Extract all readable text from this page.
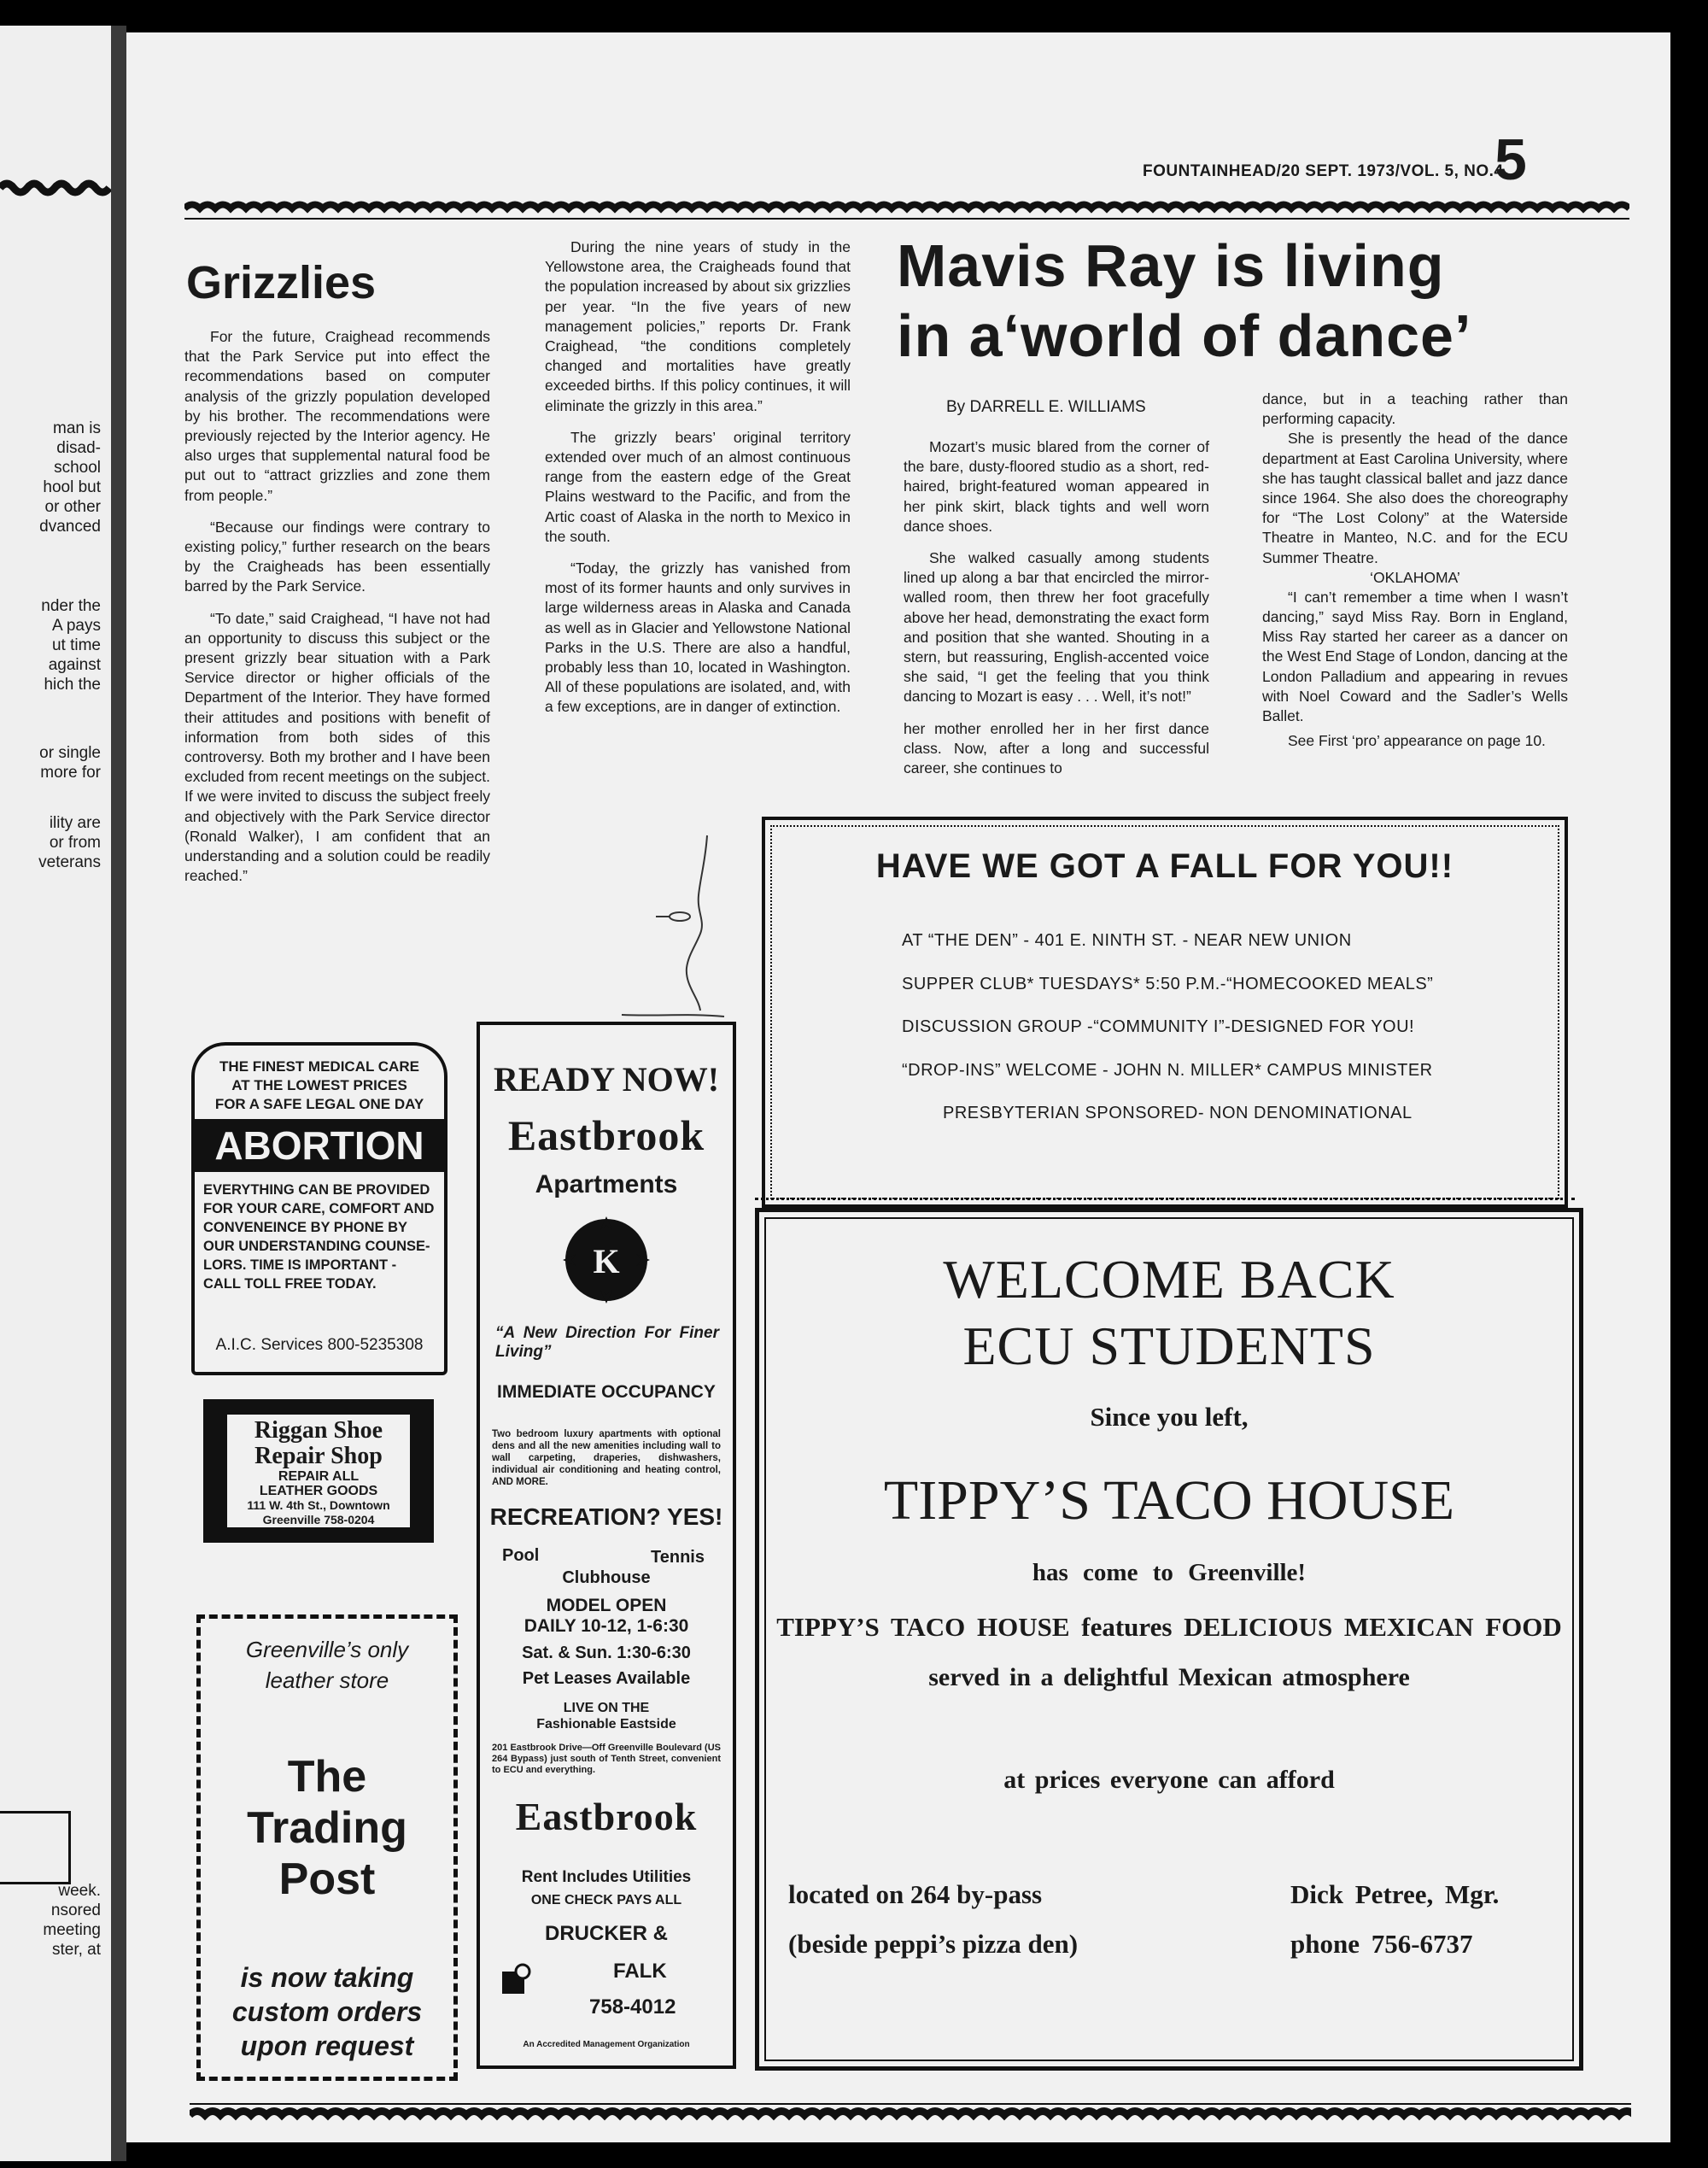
man is
disad-
school
hool but
or other
dvanced
nder the
A pays
ut time
against
hich the
or single
more for
ility are
or from
veterans
week.
nsored
meeting
ster, at
FOUNTAINHEAD/20 SEPT. 1973/VOL. 5, NO.4
5
Grizzlies

For the future, Craighead recommends that the Park Service put into effect the recommendations based on computer analysis of the grizzly population developed by his brother. The recommendations were previously rejected by the Interior agency. He also urges that supplemental natural food be put out to “attract grizzlies and zone them from people.”

“Because our findings were contrary to existing policy,” further research on the bears by the Craigheads has been essentially barred by the Park Service.

“To date,” said Craighead, “I have not had an opportunity to discuss this subject or the present grizzly bear situation with a Park Service director or higher officials of the Department of the Interior. They have formed their attitudes and positions with benefit of information from both sides of this controversy. Both my brother and I have been excluded from recent meetings on the subject. If we were invited to discuss the subject freely and objectively with the Park Service director (Ronald Walker), I am confident that an understanding and a solution could be readily reached.”

During the nine years of study in the Yellowstone area, the Craigheads found that the population increased by about six grizzlies per year. “In the five years of new management policies,” reports Dr. Frank Craighead, “the conditions completely changed and mortalities have greatly exceeded births. If this policy continues, it will eliminate the grizzly in this area.”

The grizzly bears’ original territory extended over much of an almost continuous range from the eastern edge of the Great Plains westward to the Pacific, and from the Artic coast of Alaska in the north to Mexico in the south.

“Today, the grizzly has vanished from most of its former haunts and only survives in large wilderness areas in Alaska and Canada as well as in Glacier and Yellowstone National Parks in the U.S. There are also a handful, probably less than 10, located in Washington. All of these populations are isolated, and, with a few exceptions, are in danger of extinction.

Mavis Ray is living
in a‘world of dance’
By DARRELL E. WILLIAMS

Mozart’s music blared from the corner of the bare, dusty-floored studio as a short, red-haired, bright-featured woman appeared in her pink skirt, black tights and well worn dance shoes.

She walked casually among students lined up along a bar that encircled the mirror-walled room, then threw her foot gracefully above her head, demonstrating the exact form and position that she wanted. Shouting in a stern, but reassuring, English-accented voice she said, “I get the feeling that you think dancing to Mozart is easy . . . Well, it’s not!”

her mother enrolled her in her first dance class. Now, after a long and successful career, she continues to

dance, but in a teaching rather than performing capacity.

She is presently the head of the dance department at East Carolina University, where she has taught classical ballet and jazz dance since 1964. She also does the choreography for “The Lost Colony” at the Waterside Theatre in Manteo, N.C. and for the ECU Summer Theatre.

‘OKLAHOMA’

“I can’t remember a time when I wasn’t dancing,” sayd Miss Ray. Born in England, Miss Ray started her career as a dancer on the West End Stage of London, dancing at the London Palladium and appearing in revues with Noel Coward and the Sadler’s Wells Ballet.

See First ‘pro’ appearance on page 10.

HAVE WE GOT A FALL FOR YOU!!
AT “THE DEN” - 401 E. NINTH ST. - NEAR NEW UNION
SUPPER CLUB* TUESDAYS* 5:50 P.M.-“HOMECOOKED MEALS”
DISCUSSION GROUP -“COMMUNITY I”-DESIGNED FOR YOU!
“DROP-INS” WELCOME - JOHN N. MILLER* CAMPUS MINISTER
PRESBYTERIAN SPONSORED- NON DENOMINATIONAL
THE FINEST MEDICAL CARE
AT THE LOWEST PRICES
FOR A SAFE LEGAL ONE DAY
ABORTION
EVERYTHING CAN BE PROVIDED
FOR YOUR CARE, COMFORT AND
CONVENEINCE BY PHONE BY
OUR UNDERSTANDING COUNSE-
LORS. TIME IS IMPORTANT -
CALL TOLL FREE TODAY.
A.I.C. Services 800-5235308
Riggan Shoe
Repair Shop
REPAIR ALL
LEATHER GOODS
111 W. 4th St., Downtown
Greenville 758-0204
Greenville’s only
leather store
The
Trading
Post
is now taking
custom orders
upon request
READY NOW!
Eastbrook
Apartments
K
“A New Direction For Finer Living”
IMMEDIATE OCCUPANCY
Two bedroom luxury apartments with optional dens and all the new amenities including wall to wall carpeting, draperies, dishwashers, individual air conditioning and heating control, AND MORE.
RECREATION? YES!
Pool	Tennis
Clubhouse
MODEL OPEN
DAILY 10-12, 1-6:30
Sat. & Sun. 1:30-6:30
Pet Leases Available
LIVE ON THE
Fashionable Eastside
201 Eastbrook Drive—Off Greenville Boulevard (US 264 Bypass) just south of Tenth Street, convenient to ECU and everything.
Eastbrook
Rent Includes Utilities
ONE CHECK PAYS ALL
DRUCKER &
FALK
758-4012
An Accredited Management Organization
WELCOME BACK
ECU STUDENTS
Since you left,
TIPPY’S TACO HOUSE
has come to Greenville!
TIPPY’S TACO HOUSE features DELICIOUS MEXICAN FOOD
served in a delightful Mexican atmosphere
at prices everyone can afford
located on 264 by-pass
(beside peppi’s pizza den)
Dick Petree, Mgr.
phone 756-6737
